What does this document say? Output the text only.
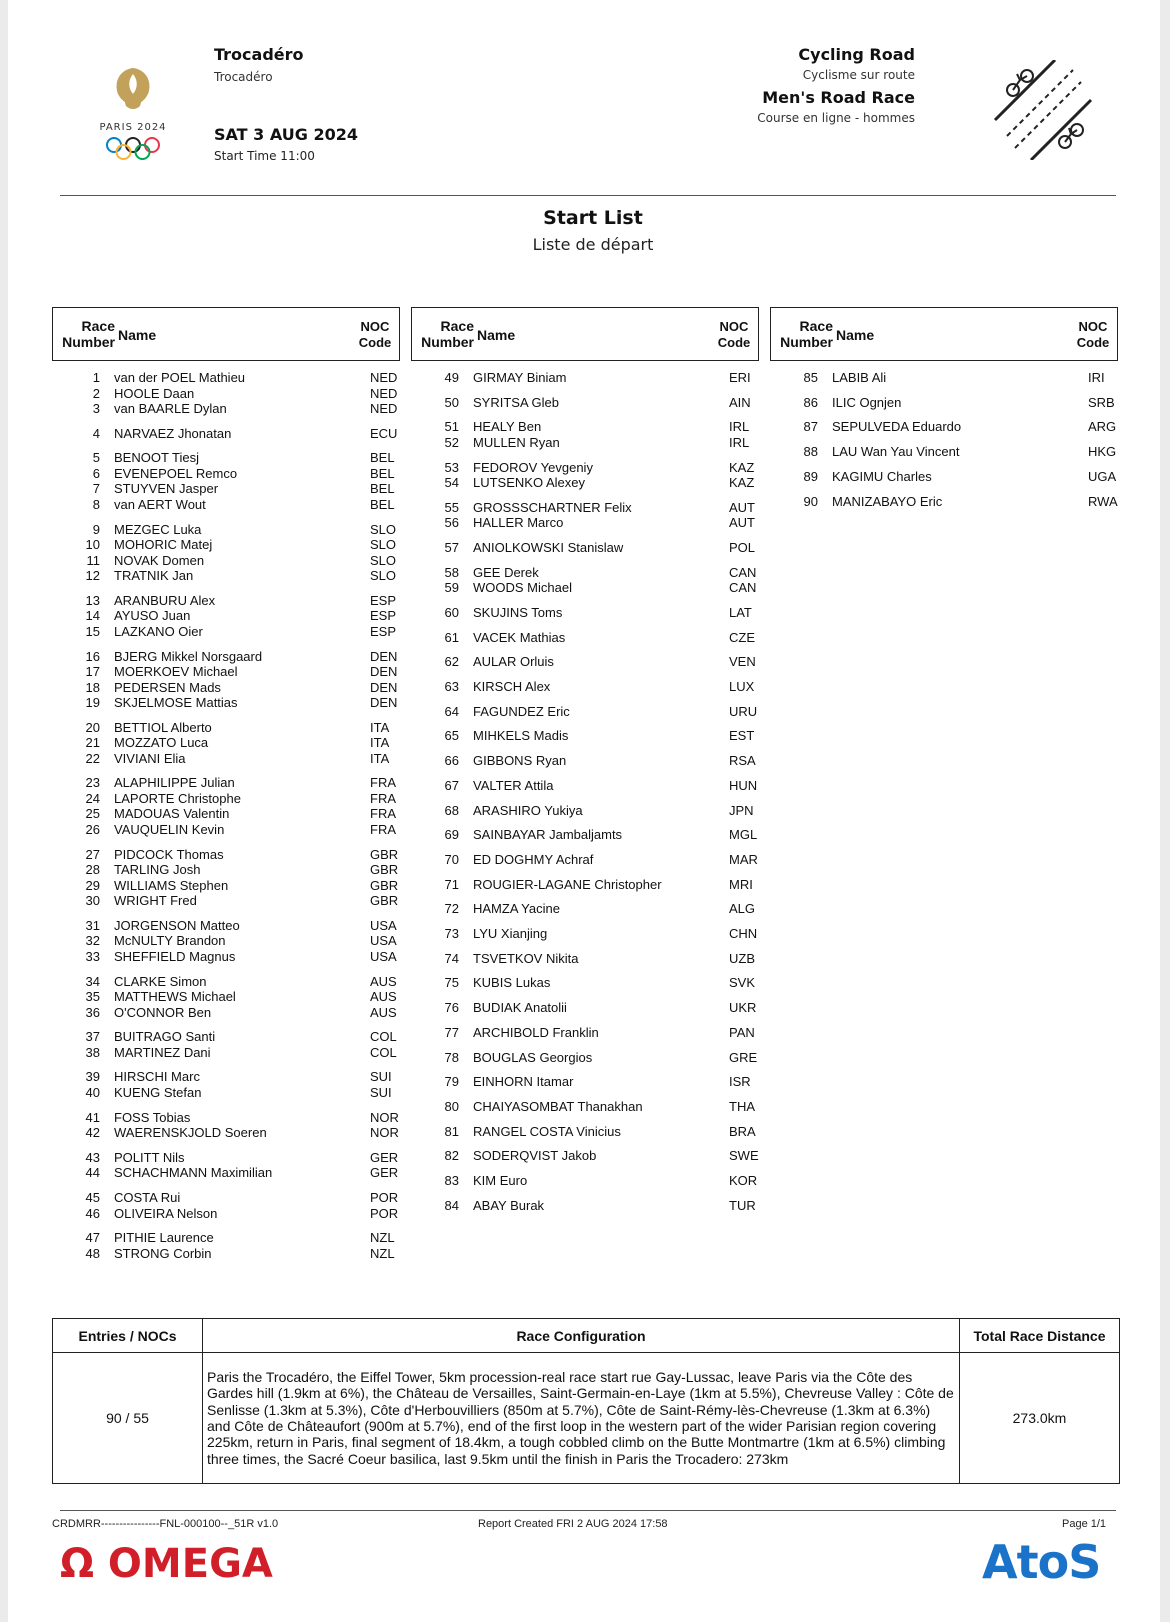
PARIS 2024
Trocadéro
Trocadéro
SAT 3 AUG 2024
Start Time 11:00
Cycling Road
Cyclisme sur route
Men's Road Race
Course en ligne - hommes
Start List
Liste de départ
Race
Number Name
NOC
Code
Race
Number Name
NOC
Code
Race
Number Name
NOC
Code
1 van der POEL Mathieu	NED
2 HOOLE Daan	NED
3 van BAARLE Dylan	NED
4 NARVAEZ Jhonatan	ECU
5 BENOOT Tiesj	BEL
6 EVENEPOEL Remco	BEL
7 STUYVEN Jasper	BEL
8 van AERT Wout	BEL
9 MEZGEC Luka	SLO
10 MOHORIC Matej	SLO
11 NOVAK Domen	SLO
12 TRATNIK Jan	SLO
13 ARANBURU Alex	ESP
14 AYUSO Juan	ESP
15 LAZKANO Oier	ESP
16 BJERG Mikkel Norsgaard	DEN
17 MOERKOEV Michael	DEN
18 PEDERSEN Mads	DEN
19 SKJELMOSE Mattias	DEN
20 BETTIOL Alberto	ITA
21 MOZZATO Luca	ITA
22 VIVIANI Elia	ITA
23 ALAPHILIPPE Julian	FRA
24 LAPORTE Christophe	FRA
25 MADOUAS Valentin	FRA
26 VAUQUELIN Kevin	FRA
27 PIDCOCK Thomas	GBR
28 TARLING Josh	GBR
29 WILLIAMS Stephen	GBR
30 WRIGHT Fred	GBR
31 JORGENSON Matteo	USA
32 McNULTY Brandon	USA
33 SHEFFIELD Magnus	USA
34 CLARKE Simon	AUS
35 MATTHEWS Michael	AUS
36 O'CONNOR Ben	AUS
37 BUITRAGO Santi	COL
38 MARTINEZ Dani	COL
39 HIRSCHI Marc	SUI
40 KUENG Stefan	SUI
41 FOSS Tobias	NOR
42 WAERENSKJOLD Soeren	NOR
43 POLITT Nils	GER
44 SCHACHMANN Maximilian	GER
45 COSTA Rui	POR
46 OLIVEIRA Nelson	POR
47 PITHIE Laurence	NZL
48 STRONG Corbin	NZL
49 GIRMAY Biniam	ERI
50 SYRITSA Gleb	AIN
51 HEALY Ben	IRL
52 MULLEN Ryan	IRL
53 FEDOROV Yevgeniy	KAZ
54 LUTSENKO Alexey	KAZ
55 GROSSSCHARTNER Felix	AUT
56 HALLER Marco	AUT
57 ANIOLKOWSKI Stanislaw	POL
58 GEE Derek	CAN
59 WOODS Michael	CAN
60 SKUJINS Toms	LAT
61 VACEK Mathias	CZE
62 AULAR Orluis	VEN
63 KIRSCH Alex	LUX
64 FAGUNDEZ Eric	URU
65 MIHKELS Madis	EST
66 GIBBONS Ryan	RSA
67 VALTER Attila	HUN
68 ARASHIRO Yukiya	JPN
69 SAINBAYAR Jambaljamts	MGL
70 ED DOGHMY Achraf	MAR
71 ROUGIER-LAGANE Christopher	MRI
72 HAMZA Yacine	ALG
73 LYU Xianjing	CHN
74 TSVETKOV Nikita	UZB
75 KUBIS Lukas	SVK
76 BUDIAK Anatolii	UKR
77 ARCHIBOLD Franklin	PAN
78 BOUGLAS Georgios	GRE
79 EINHORN Itamar	ISR
80 CHAIYASOMBAT Thanakhan	THA
81 RANGEL COSTA Vinicius	BRA
82 SODERQVIST Jakob	SWE
83 KIM Euro	KOR
84 ABAY Burak	TUR
85 LABIB Ali	IRI
86 ILIC Ognjen	SRB
87 SEPULVEDA Eduardo	ARG
88 LAU Wan Yau Vincent	HKG
89 KAGIMU Charles	UGA
90 MANIZABAYO Eric	RWA
Entries / NOCs	Race Configuration	Total Race Distance
90 / 55	Paris the Trocadéro, the Eiffel Tower, 5km procession-real race start rue Gay-Lussac, leave Paris via the Côte des Gardes hill (1.9km at 6%), the Château de Versailles, Saint-Germain-en-Laye (1km at 5.5%), Chevreuse Valley : Côte de Senlisse (1.3km at 5.3%), Côte d'Herbouvilliers (850m at 5.7%), Côte de Saint-Rémy-lès-Chevreuse (1.3km at 6.3%) and Côte de Châteaufort (900m at 5.7%), end of the first loop in the western part of the wider Parisian region covering 225km, return in Paris, final segment of 18.4km, a tough cobbled climb on the Butte Montmartre (1km at 6.5%) climbing three times, the Sacré Coeur basilica, last 9.5km until the finish in Paris the Trocadero: 273km	273.0km
CRDMRR----------------FNL-000100--_51R v1.0	Report Created FRI 2 AUG 2024 17:58	Page 1/1
Ω OMEGA	AtoS
